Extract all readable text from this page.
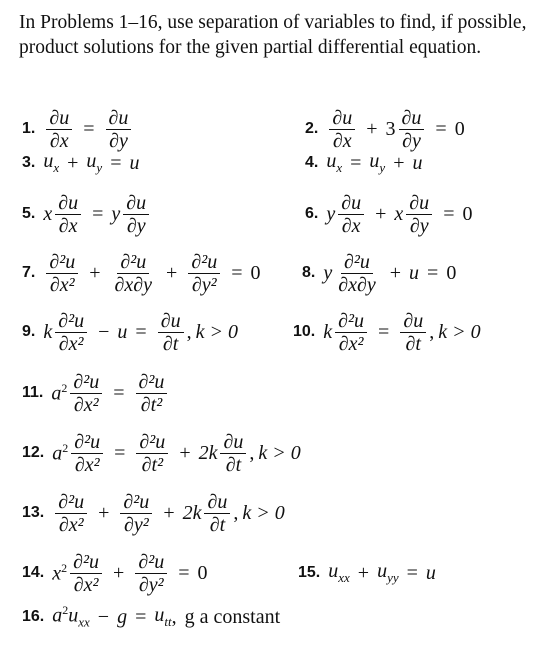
In Problems 1–16, use separation of variables to find, if possible, product solutions for the given partial differential equation.
1. $\frac{\partial u}{\partial x} = \frac{\partial u}{\partial y}$	2. $\frac{\partial u}{\partial x} + 3 \frac{\partial u}{\partial y} = 0$
3. $u_x + u_y = u$	4. $u_x = u_y + u$
5. x $\frac{\partial u}{\partial x} = y \frac{\partial u}{\partial y}$	6. y $\frac{\partial u}{\partial x} + x \frac{\partial u}{\partial y} = 0$
7. $\frac{\text{∂²u}}{\text{∂x²}} + \frac{\text{∂²u}}{\partial x\partial y} + \frac{\text{∂²u}}{\text{∂y²}} = 0$	8. y $\frac{\text{∂²u}}{\partial x\partial y} + u = 0$
9. k $\frac{\text{∂²u}}{\text{∂x²}} - u = \frac{\partial u}{\partial t}$ , k > 0	10. k $\frac{\text{∂²u}}{\text{∂x²}} = \frac{\partial u}{\partial t}$ , k > 0
11. $a^2 \frac{\text{∂²u}}{\text{∂x²}} = \frac{\text{∂²u}}{\text{∂t²}}$
12. $a^2 \frac{\text{∂²u}}{\text{∂x²}} = \frac{\text{∂²u}}{\text{∂t²}} + 2k \frac{\partial u}{\partial t}$ , k > 0
13. $\frac{\text{∂²u}}{\text{∂x²}} + \frac{\text{∂²u}}{\text{∂y²}} + 2k \frac{\partial u}{\partial t}$ , k > 0
14. $x^2 \frac{\text{∂²u}}{\text{∂x²}} + \frac{\text{∂²u}}{\text{∂y²}} = 0$	15. $u_{xx} + u_{yy} = u$
16. $a^2u_{xx} - g = u_{tt}$ , g a constant
